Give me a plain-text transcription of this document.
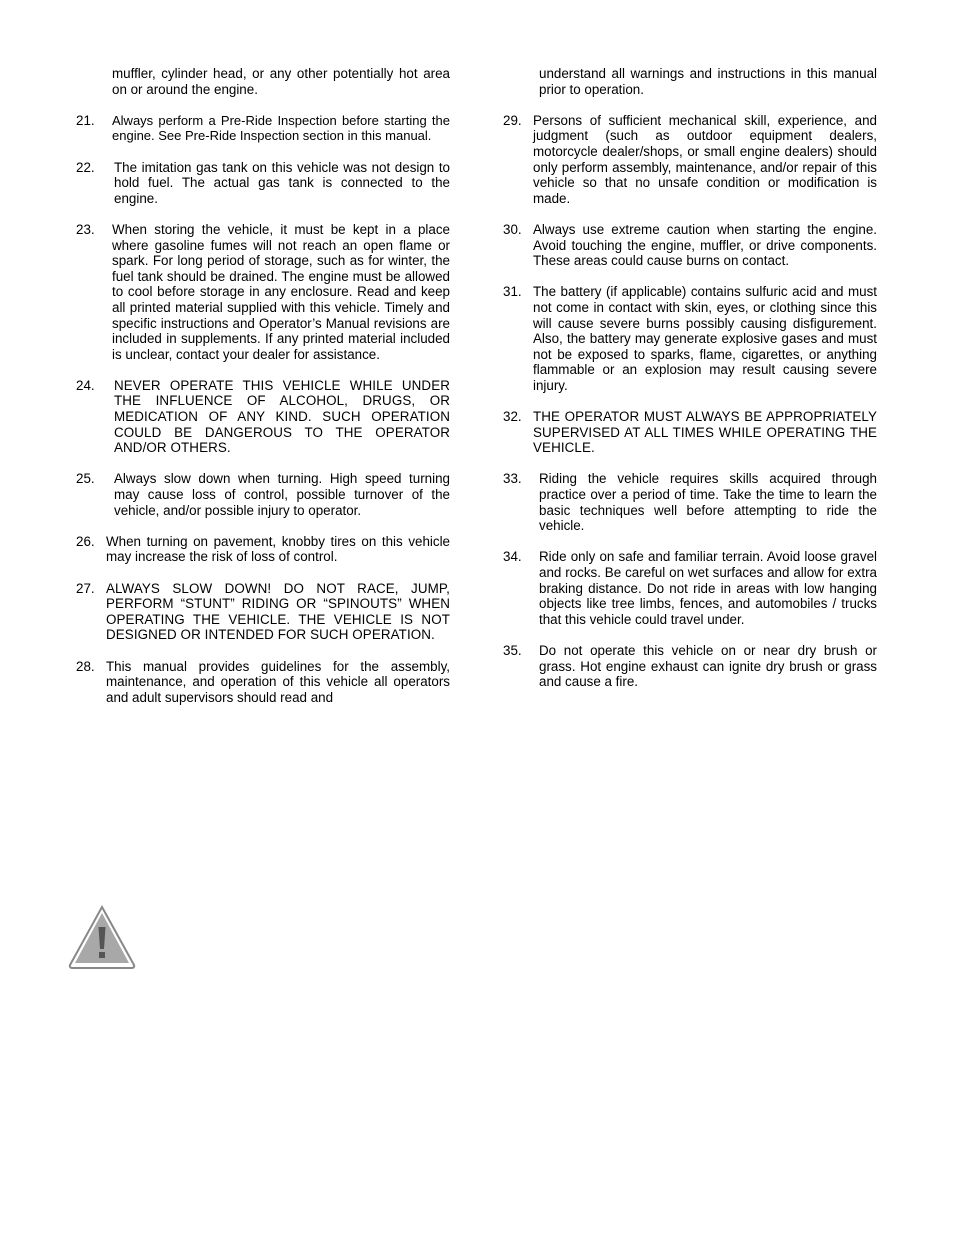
muffler, cylinder head, or any other potentially hot area on or around the engine.
21.	Always perform a Pre-Ride Inspection before starting the engine. See Pre-Ride Inspection section in this manual.
22.	The imitation gas tank on this vehicle was not design to hold fuel. The actual gas tank is connected to the engine.
23.	When storing the vehicle, it must be kept in a place where gasoline fumes will not reach an open flame or spark. For long period of storage, such as for winter, the fuel tank should be drained. The engine must be allowed to cool before storage in any enclosure. Read and keep all printed material supplied with this vehicle. Timely and specific instructions and Operator’s Manual revisions are included in supplements. If any printed material included is unclear, contact your dealer for assistance.
24.	NEVER OPERATE THIS VEHICLE WHILE UNDER THE INFLUENCE OF ALCOHOL, DRUGS, OR MEDICATION OF ANY KIND. SUCH OPERATION COULD BE DANGEROUS TO THE OPERATOR AND/OR OTHERS.
25.	Always slow down when turning. High speed turning may cause loss of control, possible turnover of the vehicle, and/or possible injury to operator.
26. When turning on pavement, knobby tires on this vehicle may increase the risk of loss of control.
27. ALWAYS SLOW DOWN! DO NOT RACE, JUMP, PERFORM “STUNT” RIDING OR “SPINOUTS” WHEN OPERATING THE VEHICLE. THE VEHICLE IS NOT DESIGNED OR INTENDED FOR SUCH OPERATION.
28. This manual provides guidelines for the assembly, maintenance, and operation of this vehicle all operators and adult supervisors should read and
understand all warnings and instructions in this manual prior to operation.
29. Persons of sufficient mechanical skill, experience, and judgment (such as outdoor equipment dealers, motorcycle dealer/shops, or small engine dealers) should only perform assembly, maintenance, and/or repair of this vehicle so that no unsafe condition or modification is made.
30. Always use extreme caution when starting the engine. Avoid touching the engine, muffler, or drive components. These areas could cause burns on contact.
31. The battery (if applicable) contains sulfuric acid and must not come in contact with skin, eyes, or clothing since this will cause severe burns possibly causing disfigurement. Also, the battery may generate explosive gases and must not be exposed to sparks, flame, cigarettes, or anything flammable or an explosion may result causing severe injury.
32. THE OPERATOR MUST ALWAYS BE APPROPRIATELY SUPERVISED AT ALL TIMES WHILE OPERATING THE VEHICLE.
33.	Riding the vehicle requires skills acquired through practice over a period of time. Take the time to learn the basic techniques well before attempting to ride the vehicle.
34.	Ride only on safe and familiar terrain. Avoid loose gravel and rocks. Be careful on wet surfaces and allow for extra braking distance. Do not ride in areas with low hanging objects like tree limbs, fences, and automobiles / trucks that this vehicle could travel under.
35.	Do not operate this vehicle on or near dry brush or grass. Hot engine exhaust can ignite dry brush or grass and cause a fire.
